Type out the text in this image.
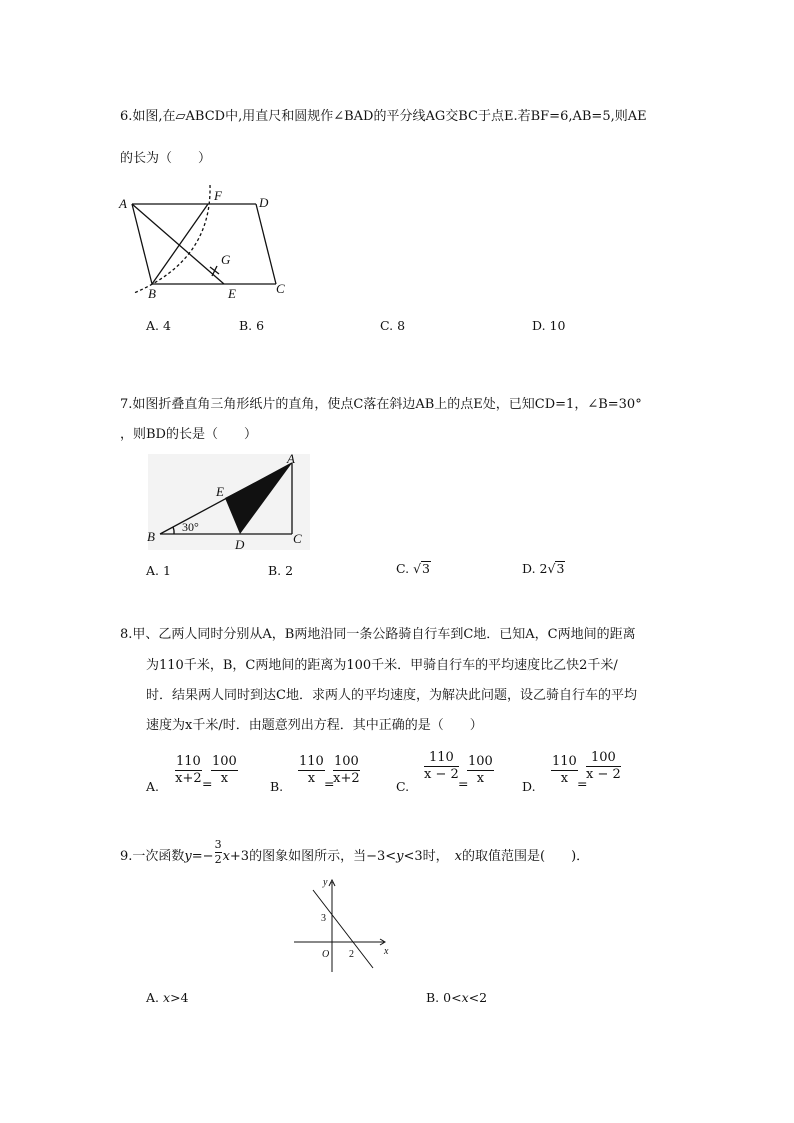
6.如图,在▱ABCD中,用直尺和圆规作∠BAD的平分线AG交BC于点E.若BF=6,AB=5,则AE
的长为（　　）
A
F	D
G
B	E	C
A. 4	B. 6	C. 8	D. 10
7.如图折叠直角三角形纸片的直角，使点C落在斜边AB上的点E处，已知CD=1，∠B=30°
，则BD的长是（　　）
A
E
B
D	C
30°
A. 1	B. 2	C. √3	D. 2√3
8.甲、乙两人同时分别从A，B两地沿同一条公路骑自行车到C地．已知A，C两地间的距离
为110千米，B，C两地间的距离为100千米．甲骑自行车的平均速度比乙快2千米/
时．结果两人同时到达C地．求两人的平均速度，为解决此问题，设乙骑自行车的平均
速度为x千米/时．由题意列出方程．其中正确的是（　　）
A. $\frac{110}{x+2}$ =
$\frac{100}{x}$	B. $\frac{110}{x}$ =
$\frac{100}{x+2}$	C.
$\frac{110}{x - 2}$
=
$\frac{100}{x} D$. $\frac{110}{x}$ =
$\frac{100}{x - 2}$
9.一次函数$y=- \frac{3}{2} x+3$的图象如图所示，当−3<y<3时， x的取值范围是(　　)．
y
x
3
O 2
A. x>4	B. 0<x<2
